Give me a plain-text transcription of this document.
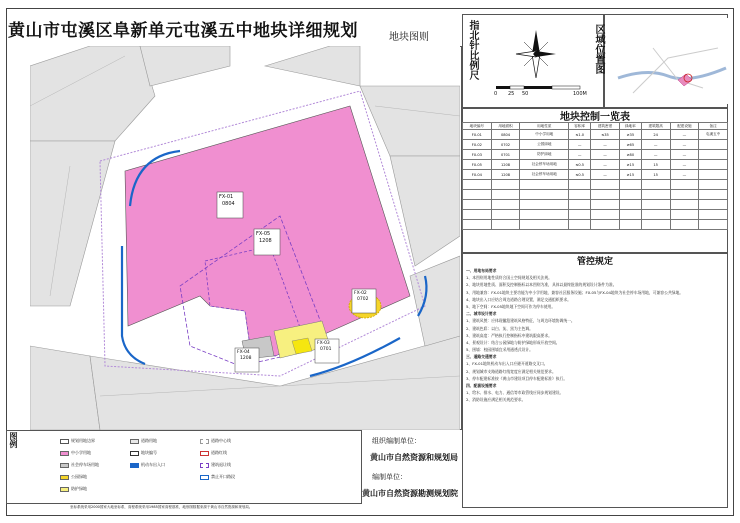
黄山市屯溪区阜新单元屯溪五中地块详细规划	地块图则	指北针比例尺
0 25 50	100M
区域位置图
FX-01
0804
FX-05
1208
FX-02
0702
FX-03
0701
FX-04
1208
地块控制一览表
地块编号	用地面积	用地性质	容积率	建筑密度	绿地率	建筑限高	配建设施	备注
FX-01	0804	中小学用地	≤1.0	≤35	≥35	24	—	屯溪五中
FX-02	0702	公园绿地	—	—	≥65	—	—	
FX-03	0701	防护绿地	—	—	≥80	—	—	
FX-05	1208	社会停车场用地	≤0.5	—	≥15	15	—	
FX-04	1208	社会停车场用地	≤0.5	—	≥15	15	—	

管控规定

一、用地布局要求

1、本图则用地性质符合国土空间规划及相关法规。

2、地块用地性质、面积及控制指标以本图则为准，具体以最终批准的规划设计条件为准。

3、用地兼容：FX-01地块主要功能为中小学用地，兼容社区服务设施；FX-05与FX-04地块为社会停车场用地，可兼容公共绿地。

4、地块出入口应结合周边道路合理设置，满足交通组织要求。

5、地下空间：FX-05地块地下空间可作为停车使用。

二、城市设计要求

1、建筑风貌：应体现徽派建筑风格特征，与周边环境协调统一。

2、建筑色彩：以白、灰、黑为主色调。

3、建筑高度：严格执行控制指标中建筑限高要求。

4、景观设计：结合公园绿地与防护绿地形成开放空间。

5、围墙：校园围墙宜采用通透式设计。

三、道路交通要求

1、FX-01地块机动车出入口应避开道路交叉口。

2、规划城市支路道路红线宽度应满足相关规范要求。

3、停车配建标准按《黄山市建设项目停车配建标准》执行。

四、配套设施要求

1、给水、排水、电力、通信等市政管线应同步规划建设。

2、消防设施应满足相关规范要求。

图例	规划用地边界
中小学用地
社会停车场用地
公园绿地
防护绿地
道路用地
地块编号
机动车出入口
道路中心线
道路红线
建筑退让线
禁止开口路段
组织编制单位：
黄山市自然资源和规划局
编制单位：
黄山市自然资源勘测规划院
坐标系统采用2000国家大地坐标系，高程系统采用1985国家高程基准，地形图数据来源于黄山市自然资源和规划局。
